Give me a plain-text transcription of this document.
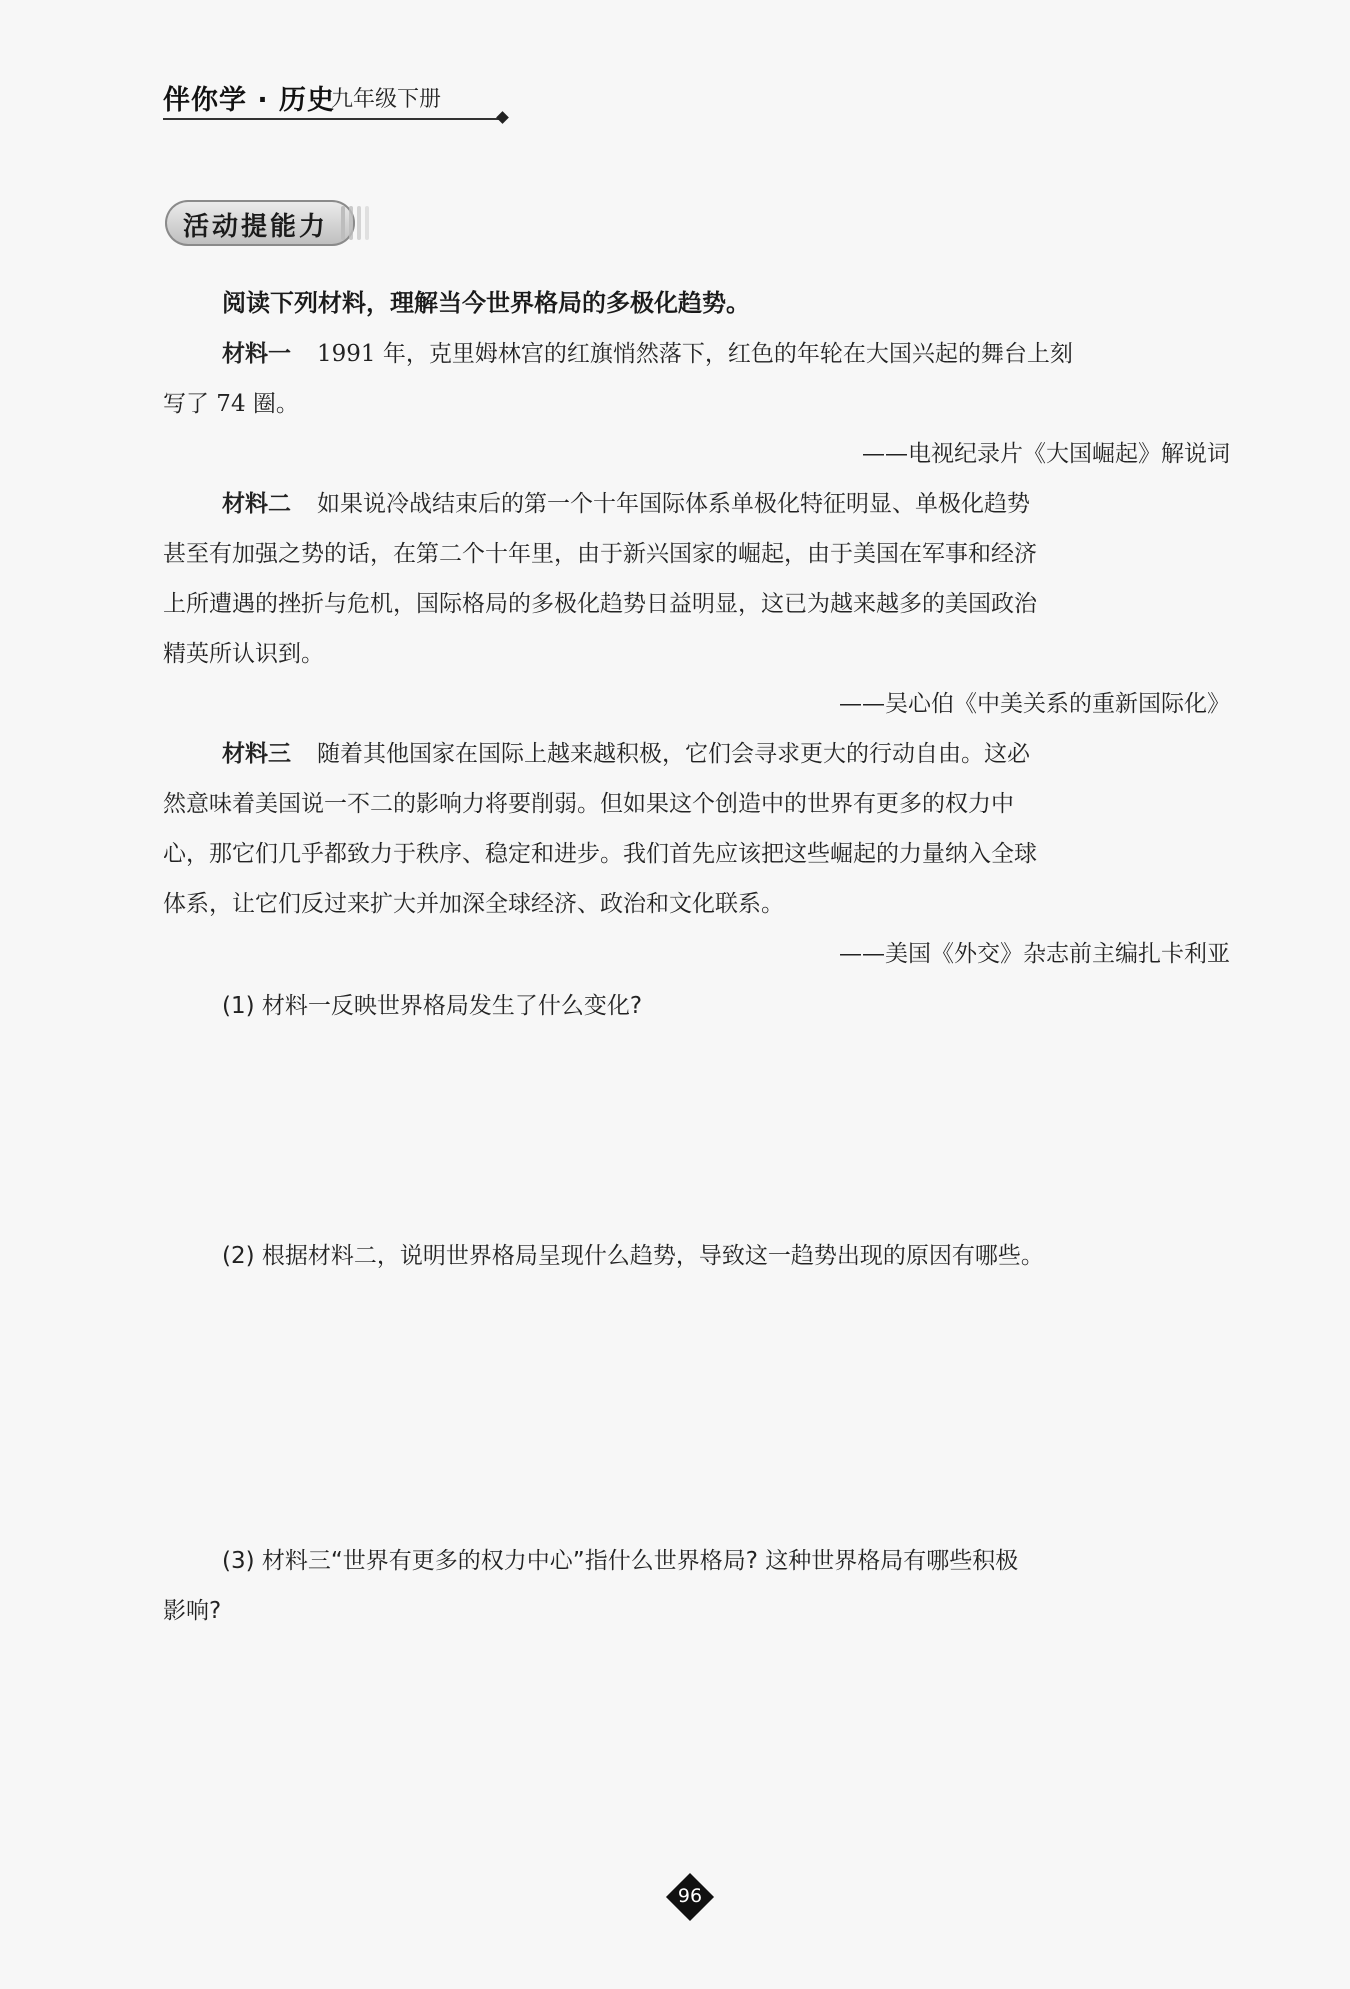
伴你学 · 历史
九年级下册
活动提能力
阅读下列材料，理解当今世界格局的多极化趋势。
材料一 1991 年，克里姆林宫的红旗悄然落下，红色的年轮在大国兴起的舞台上刻
写了 74 圈。
——电视纪录片《大国崛起》解说词
材料二 如果说冷战结束后的第一个十年国际体系单极化特征明显、单极化趋势
甚至有加强之势的话，在第二个十年里，由于新兴国家的崛起，由于美国在军事和经济
上所遭遇的挫折与危机，国际格局的多极化趋势日益明显，这已为越来越多的美国政治
精英所认识到。
——吴心伯《中美关系的重新国际化》
材料三 随着其他国家在国际上越来越积极，它们会寻求更大的行动自由。这必
然意味着美国说一不二的影响力将要削弱。但如果这个创造中的世界有更多的权力中
心，那它们几乎都致力于秩序、稳定和进步。我们首先应该把这些崛起的力量纳入全球
体系，让它们反过来扩大并加深全球经济、政治和文化联系。
——美国《外交》杂志前主编扎卡利亚
(1) 材料一反映世界格局发生了什么变化?
(2) 根据材料二，说明世界格局呈现什么趋势，导致这一趋势出现的原因有哪些。
(3) 材料三“世界有更多的权力中心”指什么世界格局? 这种世界格局有哪些积极
影响?
96
